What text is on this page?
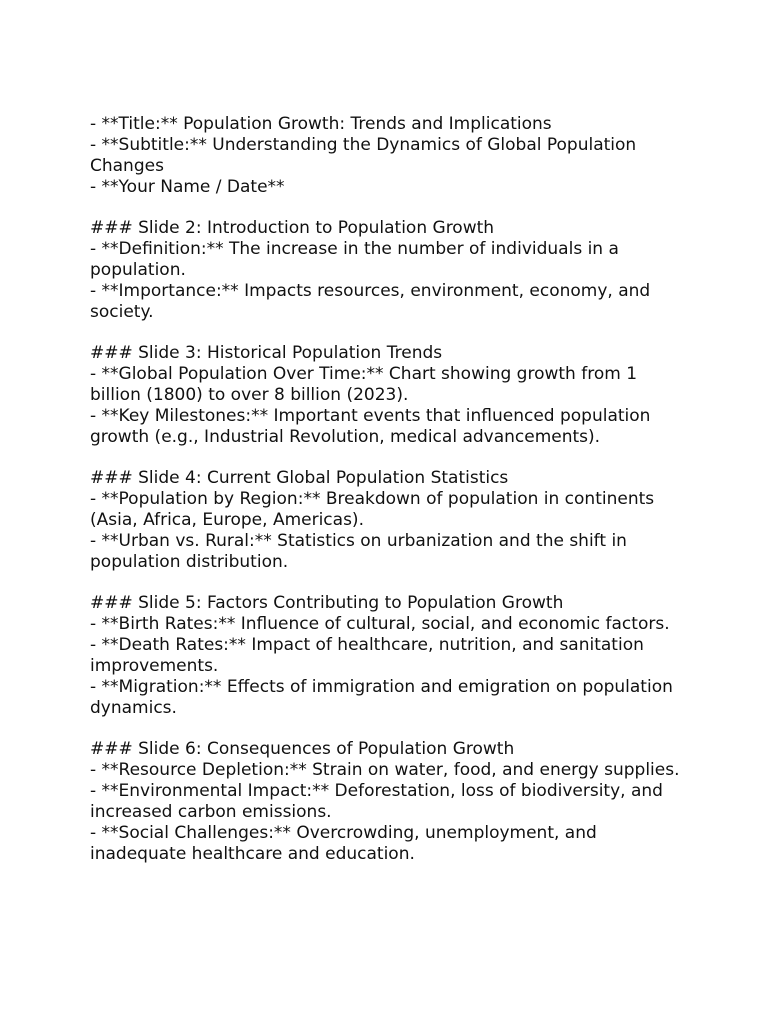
- **Title:** Population Growth: Trends and Implications

- **Subtitle:** Understanding the Dynamics of Global Population Changes

- **Your Name / Date**

### Slide 2: Introduction to Population Growth

- **Definition:** The increase in the number of individuals in a population.

- **Importance:** Impacts resources, environment, economy, and society.

### Slide 3: Historical Population Trends

- **Global Population Over Time:** Chart showing growth from 1 billion (1800) to over 8 billion (2023).

- **Key Milestones:** Important events that influenced population growth (e.g., Industrial Revolution, medical advancements).

### Slide 4: Current Global Population Statistics

- **Population by Region:** Breakdown of population in continents (Asia, Africa, Europe, Americas).

- **Urban vs. Rural:** Statistics on urbanization and the shift in population distribution.

### Slide 5: Factors Contributing to Population Growth

- **Birth Rates:** Influence of cultural, social, and economic factors.

- **Death Rates:** Impact of healthcare, nutrition, and sanitation improvements.

- **Migration:** Effects of immigration and emigration on population dynamics.

### Slide 6: Consequences of Population Growth

- **Resource Depletion:** Strain on water, food, and energy supplies.

- **Environmental Impact:** Deforestation, loss of biodiversity, and increased carbon emissions.

- **Social Challenges:** Overcrowding, unemployment, and inadequate healthcare and education.
